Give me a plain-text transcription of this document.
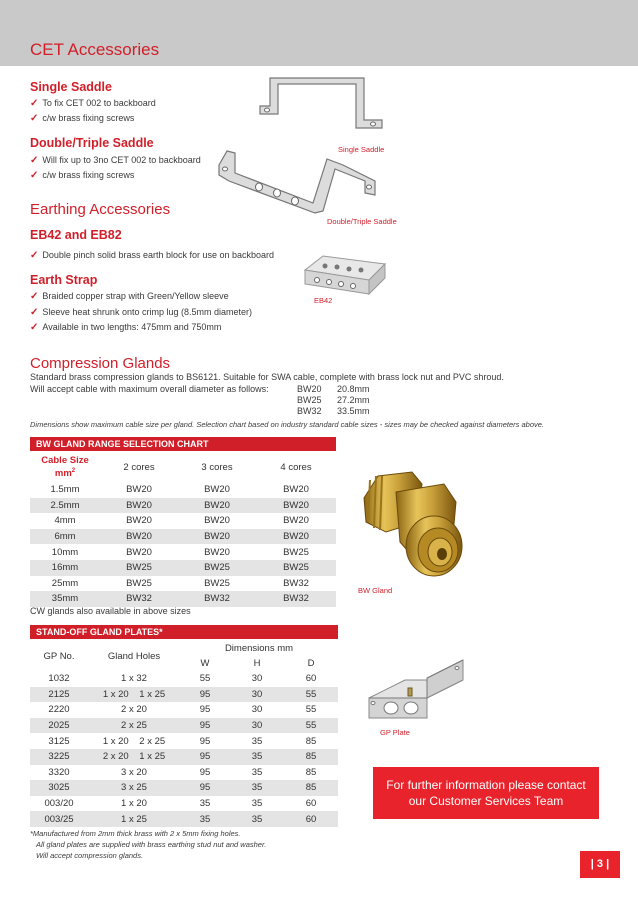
CET Accessories
Single Saddle
✓ To fix CET 002 to backboard
✓ c/w brass fixing screws
Single Saddle
Double/Triple Saddle
✓ Will fix up to 3no CET 002 to backboard
✓ c/w brass fixing screws
Double/Triple Saddle
Earthing Accessories
EB42 and EB82
✓ Double pinch solid brass earth block for use on backboard
EB42
Earth Strap
✓ Braided copper strap with Green/Yellow sleeve
✓ Sleeve heat shrunk onto crimp lug (8.5mm diameter)
✓ Available in two lengths: 475mm and 750mm
Compression Glands
Standard brass compression glands to BS6121. Suitable for SWA cable, complete with brass lock nut and PVC shroud.
Will accept cable with maximum overall diameter as follows:	BW20 20.8mm
BW25 27.2mm
BW32 33.5mm
Dimensions show maximum cable size per gland. Selection chart based on industry standard cable sizes - sizes may be checked against diameters above.
BW GLAND RANGE SELECTION CHART
Cable Size
$mm^2$	2 cores	3 cores	4 cores
1.5mm	BW20	BW20	BW20
2.5mm	BW20	BW20	BW20
4mm	BW20	BW20	BW20
6mm	BW20	BW20	BW20
10mm	BW20	BW20	BW25
16mm	BW25	BW25	BW25
25mm	BW25	BW25	BW32
35mm	BW32	BW32	BW32
CW glands also available in above sizes
BW Gland
STAND-OFF GLAND PLATES*
GP No.	Gland Holes	Dimensions mm		
		W	H	D
1032	1 x 32	55	30	60
2125	1 x 20    1 x 25	95	30	55
2220	2 x 20	95	30	55
2025	2 x 25	95	30	55
3125	1 x 20    2 x 25	95	35	85
3225	2 x 20    1 x 25	95	35	85
3320	3 x 20	95	35	85
3025	3 x 25	95	35	85
003/20	1 x 20	35	35	60
003/25	1 x 25	35	35	60
*Manufactured from 2mm thick brass with 2 x 5mm fixing holes.
All gland plates are supplied with brass earthing stud nut and washer.
Will accept compression glands.
GP Plate
For further information please contact
our Customer Services Team
| 3 |
